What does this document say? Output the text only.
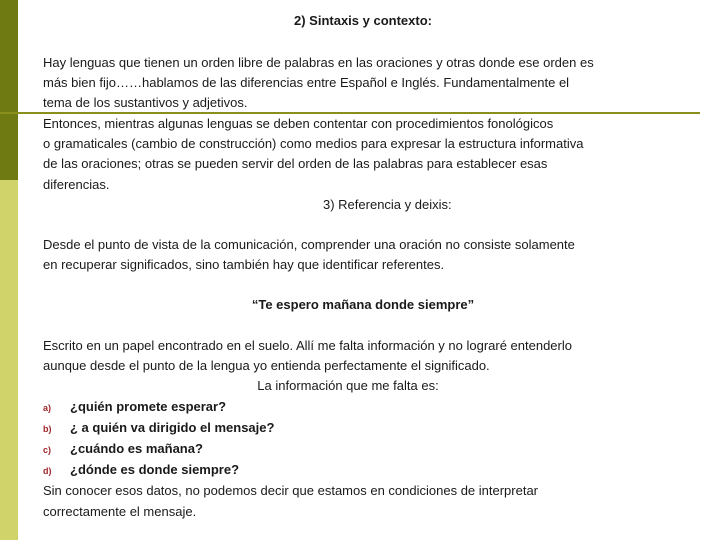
2) Sintaxis y contexto:

Hay lenguas que tienen un orden libre de palabras en las oraciones y otras donde ese orden es

más bien fijo……hablamos de las diferencias entre Español e Inglés. Fundamentalmente el

tema de los sustantivos y adjetivos.

Entonces, mientras algunas lenguas se deben contentar con procedimientos fonológicos

o gramaticales (cambio de construcción) como medios para expresar la estructura informativa

de las oraciones; otras se pueden servir del orden de las palabras para establecer esas

diferencias.

3) Referencia y deixis:

Desde el punto de vista de la comunicación, comprender una oración no consiste solamente

en recuperar significados, sino también hay que identificar referentes.

“Te espero mañana donde siempre”

Escrito en un papel encontrado en el suelo. Allí me falta información y no lograré entenderlo

aunque desde el punto de la lengua yo entienda perfectamente el significado.

La información que me falta es:

a)	¿quién promete esperar?
b)	¿ a quién va dirigido el mensaje?
c)	¿cuándo es mañana?
d)	¿dónde es donde siempre?

Sin conocer esos datos, no podemos decir que estamos en condiciones de interpretar

correctamente el mensaje.
